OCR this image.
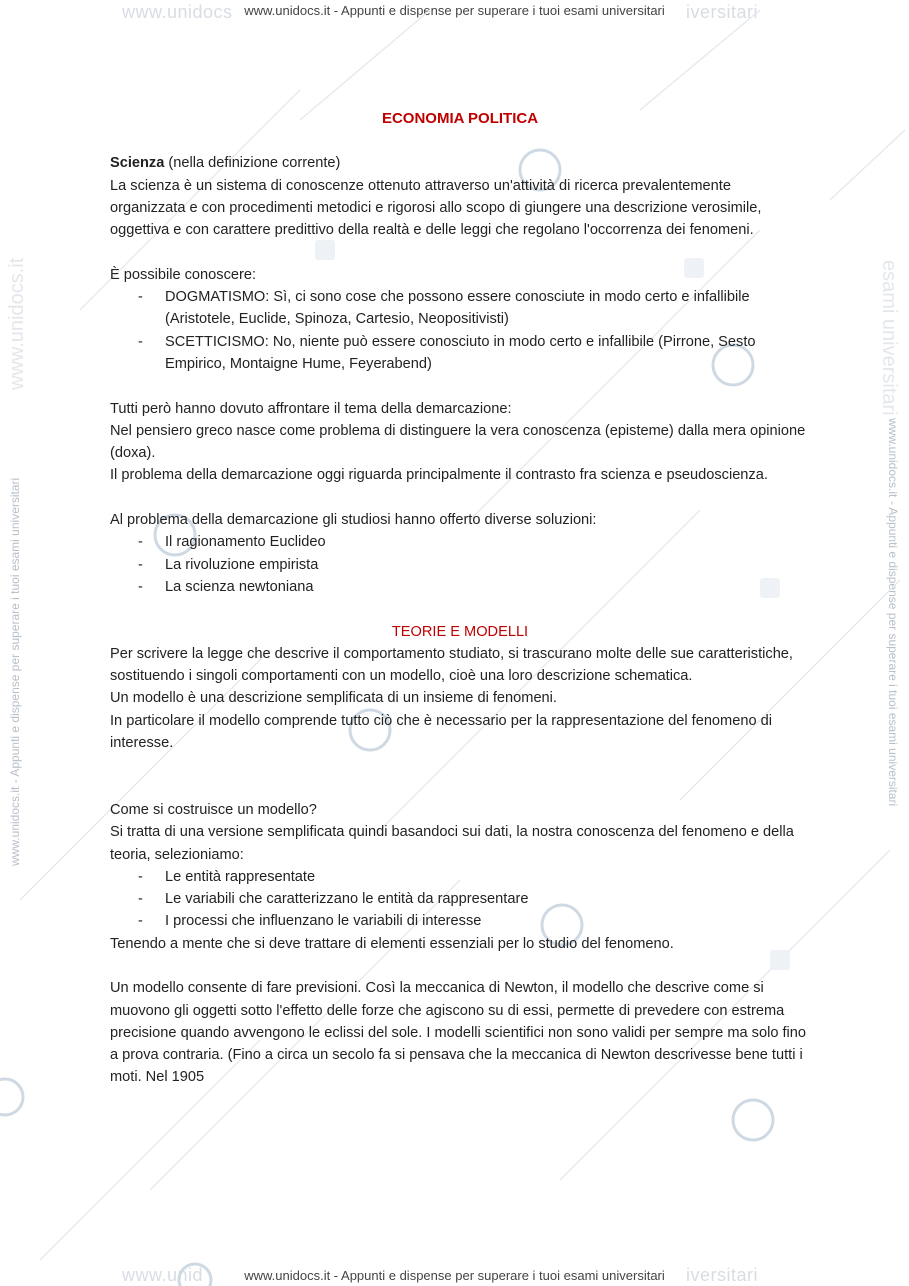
www.unidocs	iversitari
www.unidocs.it - Appunti e dispense per superare i tuoi esami universitari
www.unid	iversitari
www.unidocs.it - Appunti e dispense per superare i tuoi esami universitari
www.unidocs.it	esami universitari
www.unidocs.it - Appunti e dispense per superare i tuoi esami universitari	www.unidocs.it - Appunti e dispense per superare i tuoi esami universitari

ECONOMIA POLITICA

Scienza (nella definizione corrente)

La scienza è un sistema di conoscenze ottenuto attraverso un'attività di ricerca prevalentemente organizzata e con procedimenti metodici e rigorosi allo scopo di giungere una descrizione verosimile, oggettiva e con carattere predittivo della realtà e delle leggi che regolano l'occorrenza dei fenomeni.

È possibile conoscere:

- DOGMATISMO: Sì, ci sono cose che possono essere conosciute in modo certo e infallibile (Aristotele, Euclide, Spinoza, Cartesio, Neopositivisti)
- SCETTICISMO: No, niente può essere conosciuto in modo certo e infallibile (Pirrone, Sesto Empirico, Montaigne Hume, Feyerabend)

Tutti però hanno dovuto affrontare il tema della demarcazione:

Nel pensiero greco nasce come problema di distinguere la vera conoscenza (episteme) dalla mera opinione (doxa).

Il problema della demarcazione oggi riguarda principalmente il contrasto fra scienza e pseudoscienza.

Al problema della demarcazione gli studiosi hanno offerto diverse soluzioni:

- Il ragionamento Euclideo
- La rivoluzione empirista
- La scienza newtoniana

TEORIE E MODELLI

Per scrivere la legge che descrive il comportamento studiato, si trascurano molte delle sue caratteristiche, sostituendo i singoli comportamenti con un modello, cioè una loro descrizione schematica.

Un modello è una descrizione semplificata di un insieme di fenomeni.

In particolare il modello comprende tutto ciò che è necessario per la rappresentazione del fenomeno di interesse.

Come si costruisce un modello?

Si tratta di una versione semplificata quindi basandoci sui dati, la nostra conoscenza del fenomeno e della teoria, selezioniamo:

- Le entità rappresentate
- Le variabili che caratterizzano le entità da rappresentare
- I processi che influenzano le variabili di interesse

Tenendo a mente che si deve trattare di elementi essenziali per lo studio del fenomeno.

Un modello consente di fare previsioni. Così la meccanica di Newton, il modello che descrive come si muovono gli oggetti sotto l'effetto delle forze che agiscono su di essi, permette di prevedere con estrema precisione quando avvengono le eclissi del sole. I modelli scientifici non sono validi per sempre ma solo fino a prova contraria. (Fino a circa un secolo fa si pensava che la meccanica di Newton descrivesse bene tutti i moti. Nel 1905
